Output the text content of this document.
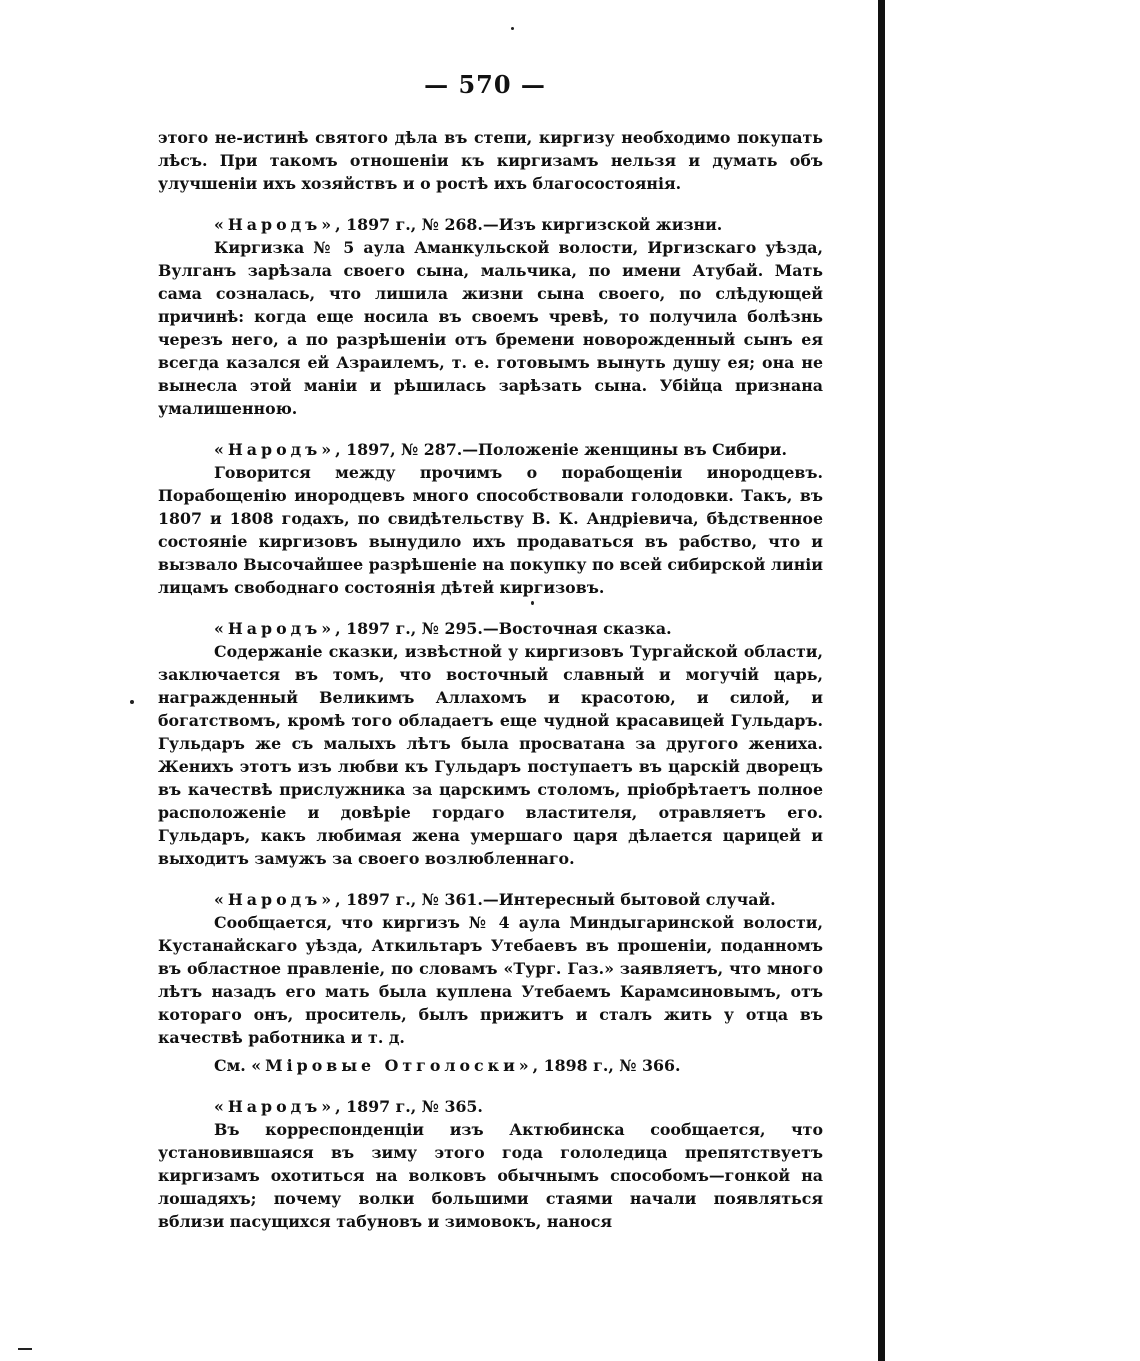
— 570 —

этого не-истинѣ святого дѣла въ степи, киргизу необходимо покупать лѣсъ. При такомъ отношеніи къ киргизамъ нельзя и думать объ улучшеніи ихъ хозяйствъ и о ростѣ ихъ благосостоянія.

«Народъ», 1897 г., № 268.—Изъ киргизской жизни.

Киргизка № 5 аула Аманкульской волости, Иргизскаго уѣзда, Вулганъ зарѣзала своего сына, мальчика, по имени Атубай. Мать сама созналась, что лишила жизни сына своего, по слѣдующей причинѣ: когда еще носила въ своемъ чревѣ, то получила болѣзнь черезъ него, а по разрѣшеніи отъ бремени новорожденный сынъ ея всегда казался ей Азраилемъ, т. е. готовымъ вынуть душу ея; она не вынесла этой маніи и рѣшилась зарѣзать сына. Убійца признана умалишенною.

«Народъ», 1897, № 287.—Положеніе женщины въ Сибири.

Говорится между прочимъ о порабощеніи инородцевъ. Порабощенію инородцевъ много способствовали голодовки. Такъ, въ 1807 и 1808 годахъ, по свидѣтельству В. К. Андріевича, бѣдственное состояніе киргизовъ вынудило ихъ продаваться въ рабство, что и вызвало Высочайшее разрѣшеніе на покупку по всей сибирской линіи лицамъ свободнаго состоянія дѣтей киргизовъ.

«Народъ», 1897 г., № 295.—Восточная сказка.

Содержаніе сказки, извѣстной у киргизовъ Тургайской области, заключается въ томъ, что восточный славный и могучій царь, награжденный Великимъ Аллахомъ и красотою, и силой, и богатствомъ, кромѣ того обладаетъ еще чудной красавицей Гульдаръ. Гульдаръ же съ малыхъ лѣтъ была просватана за другого жениха. Женихъ этотъ изъ любви къ Гульдаръ поступаетъ въ царскій дворецъ въ качествѣ прислужника за царскимъ столомъ, пріобрѣтаетъ полное расположеніе и довѣріе гордаго властителя, отравляетъ его. Гульдаръ, какъ любимая жена умершаго царя дѣлается царицей и выходитъ замужъ за своего возлюбленнаго.

«Народъ», 1897 г., № 361.—Интересный бытовой случай.

Сообщается, что киргизъ № 4 аула Миндыгаринской волости, Кустанайскаго уѣзда, Аткильтаръ Утебаевъ въ прошеніи, поданномъ въ областное правленіе, по словамъ «Тург. Газ.» заявляетъ, что много лѣтъ назадъ его мать была куплена Утебаемъ Карамсиновымъ, отъ котораго онъ, проситель, былъ прижитъ и сталъ жить у отца въ качествѣ работника и т. д.

См. «Міровые Отголоски», 1898 г., № 366.

«Народъ», 1897 г., № 365.

Въ корреспонденціи изъ Актюбинска сообщается, что установившаяся въ зиму этого года гололедица препятствуетъ киргизамъ охотиться на волковъ обычнымъ способомъ—гонкой на лошадяхъ; почему волки большими стаями начали появляться вблизи пасущихся табуновъ и зимовокъ, нанося
